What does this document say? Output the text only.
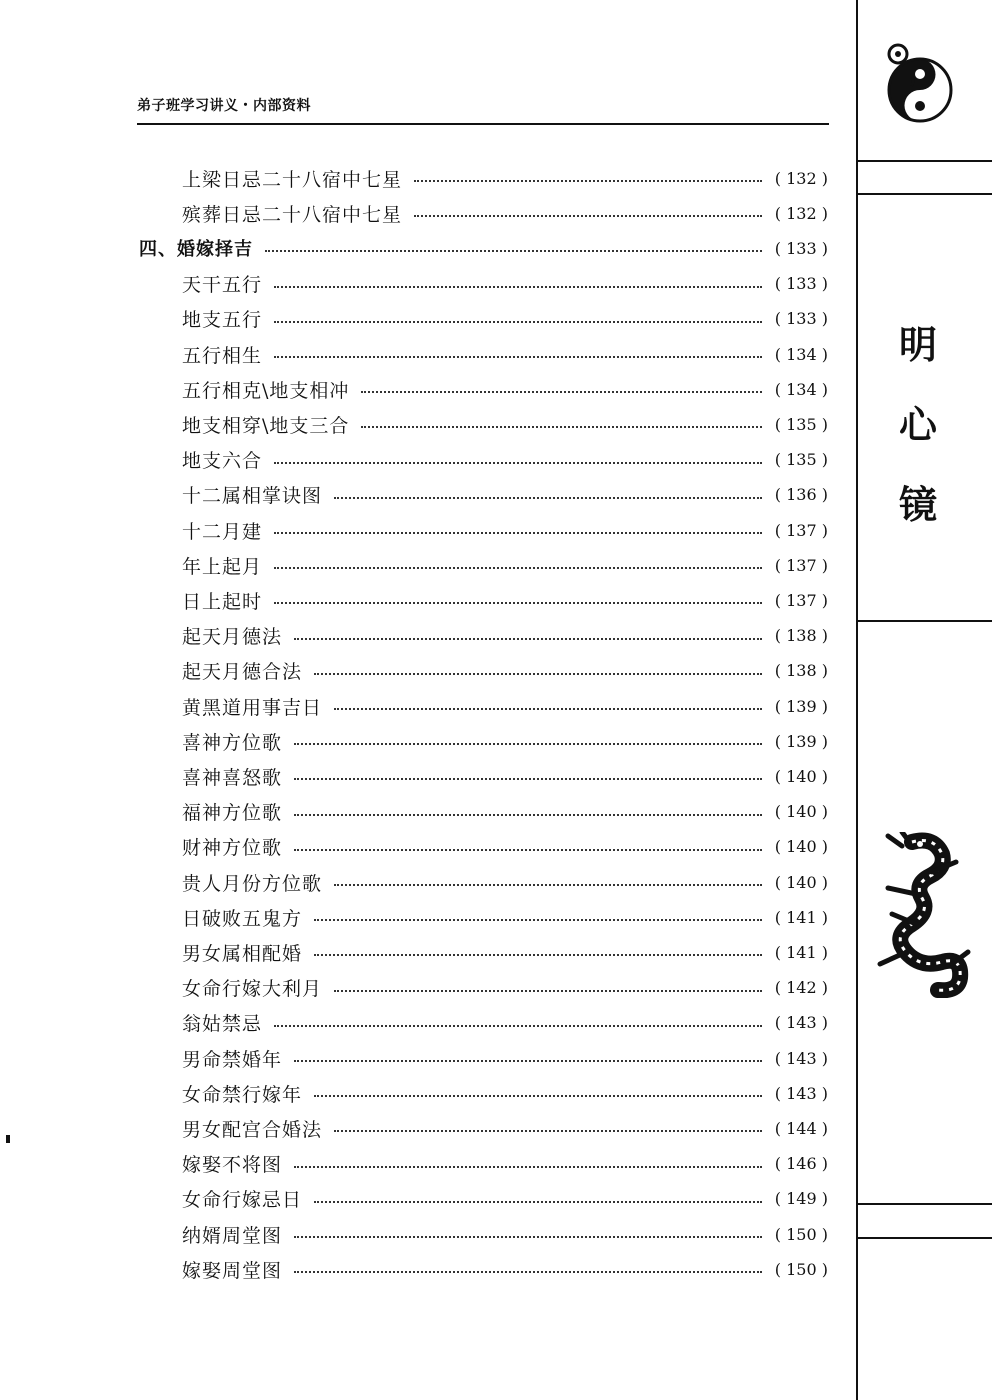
弟子班学习讲义・内部资料
上梁日忌二十八宿中七星	( 132 )
殡葬日忌二十八宿中七星	( 132 )
四、婚嫁择吉	( 133 )
天干五行	( 133 )
地支五行	( 133 )
五行相生	( 134 )
五行相克\地支相冲	( 134 )
地支相穿\地支三合	( 135 )
地支六合	( 135 )
十二属相掌诀图	( 136 )
十二月建	( 137 )
年上起月	( 137 )
日上起时	( 137 )
起天月德法	( 138 )
起天月德合法	( 138 )
黄黑道用事吉日	( 139 )
喜神方位歌	( 139 )
喜神喜怒歌	( 140 )
福神方位歌	( 140 )
财神方位歌	( 140 )
贵人月份方位歌	( 140 )
日破败五鬼方	( 141 )
男女属相配婚	( 141 )
女命行嫁大利月	( 142 )
翁姑禁忌	( 143 )
男命禁婚年	( 143 )
女命禁行嫁年	( 143 )
男女配宫合婚法	( 144 )
嫁娶不将图	( 146 )
女命行嫁忌日	( 149 )
纳婿周堂图	( 150 )
嫁娶周堂图	( 150 )
明
心
镜
